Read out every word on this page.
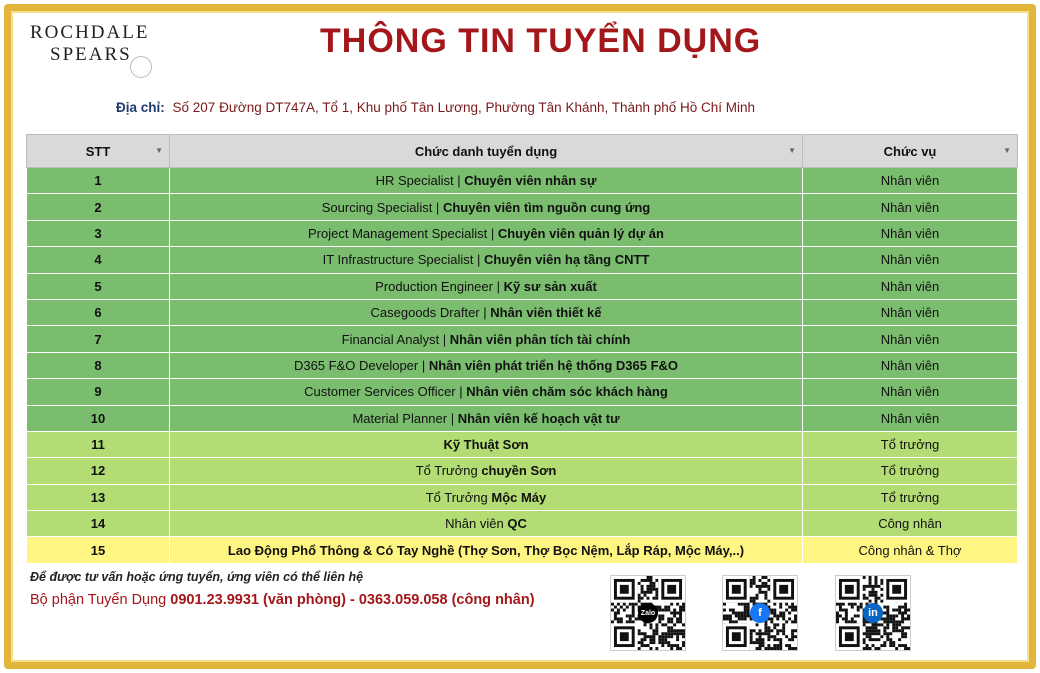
ROCHDALE
SPEARS	THÔNG TIN TUYỂN DỤNG
Địa chỉ: Số 207 Đường DT747A, Tổ 1, Khu phố Tân Lương, Phường Tân Khánh, Thành phố Hồ Chí Minh
STT ▼	Chức danh tuyển dụng ▼	Chức vụ ▼

1	HR Specialist | Chuyên viên nhân sự	Nhân viên
2	Sourcing Specialist | Chuyên viên tìm nguồn cung ứng	Nhân viên
3	Project Management Specialist | Chuyên viên quản lý dự án	Nhân viên
4	IT Infrastructure Specialist | Chuyên viên hạ tầng CNTT	Nhân viên
5	Production Engineer | Kỹ sư sản xuất	Nhân viên
6	Casegoods Drafter | Nhân viên thiết kế	Nhân viên
7	Financial Analyst | Nhân viên phân tích tài chính	Nhân viên
8	D365 F&O Developer | Nhân viên phát triển hệ thống D365 F&O	Nhân viên
9	Customer Services Officer | Nhân viên chăm sóc khách hàng	Nhân viên
10	Material Planner | Nhân viên kế hoạch vật tư	Nhân viên
11	Kỹ Thuật Sơn	Tổ trưởng
12	Tổ Trưởng chuyền Sơn	Tổ trưởng
13	Tổ Trưởng Mộc Máy	Tổ trưởng
14	Nhân viên QC	Công nhân
15	Lao Động Phổ Thông & Có Tay Nghề (Thợ Sơn, Thợ Bọc Nệm, Lắp Ráp, Mộc Máy,..)	Công nhân & Thợ
Để được tư vấn hoặc ứng tuyển, ứng viên có thể liên hệ
Bộ phận Tuyển Dụng 0901.23.9931 (văn phòng) - 0363.059.058 (công nhân)
Zalo	f	in
